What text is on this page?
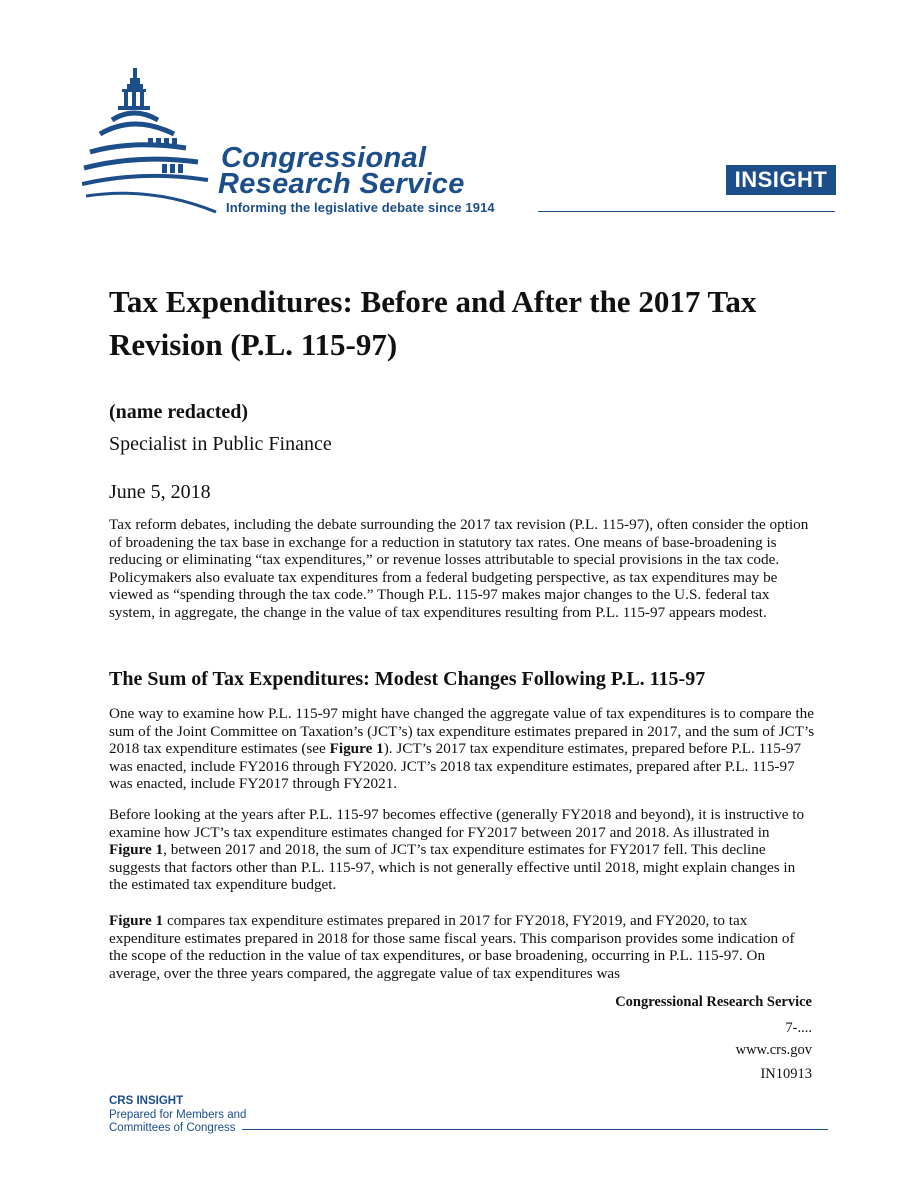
Congressional
Research Service
Informing the legislative debate since 1914
INSIGHT
Tax Expenditures: Before and After the 2017 Tax Revision (P.L. 115-97)

(name redacted)

Specialist in Public Finance

June 5, 2018

Tax reform debates, including the debate surrounding the 2017 tax revision (P.L. 115-97), often consider the option of broadening the tax base in exchange for a reduction in statutory tax rates. One means of base-broadening is reducing or eliminating “tax expenditures,” or revenue losses attributable to special provisions in the tax code. Policymakers also evaluate tax expenditures from a federal budgeting perspective, as tax expenditures may be viewed as “spending through the tax code.” Though P.L. 115-97 makes major changes to the U.S. federal tax system, in aggregate, the change in the value of tax expenditures resulting from P.L. 115-97 appears modest.

The Sum of Tax Expenditures: Modest Changes Following P.L. 115-97

One way to examine how P.L. 115-97 might have changed the aggregate value of tax expenditures is to compare the sum of the Joint Committee on Taxation’s (JCT’s) tax expenditure estimates prepared in 2017, and the sum of JCT’s 2018 tax expenditure estimates (see Figure 1). JCT’s 2017 tax expenditure estimates, prepared before P.L. 115-97 was enacted, include FY2016 through FY2020. JCT’s 2018 tax expenditure estimates, prepared after P.L. 115-97 was enacted, include FY2017 through FY2021.

Before looking at the years after P.L. 115-97 becomes effective (generally FY2018 and beyond), it is instructive to examine how JCT’s tax expenditure estimates changed for FY2017 between 2017 and 2018. As illustrated in Figure 1, between 2017 and 2018, the sum of JCT’s tax expenditure estimates for FY2017 fell. This decline suggests that factors other than P.L. 115-97, which is not generally effective until 2018, might explain changes in the estimated tax expenditure budget.

Figure 1 compares tax expenditure estimates prepared in 2017 for FY2018, FY2019, and FY2020, to tax expenditure estimates prepared in 2018 for those same fiscal years. This comparison provides some indication of the scope of the reduction in the value of tax expenditures, or base broadening, occurring in P.L. 115-97. On average, over the three years compared, the aggregate value of tax expenditures was

Congressional Research Service

7-....

www.crs.gov

IN10913

CRS INSIGHT
Prepared for Members and
Committees of Congress
